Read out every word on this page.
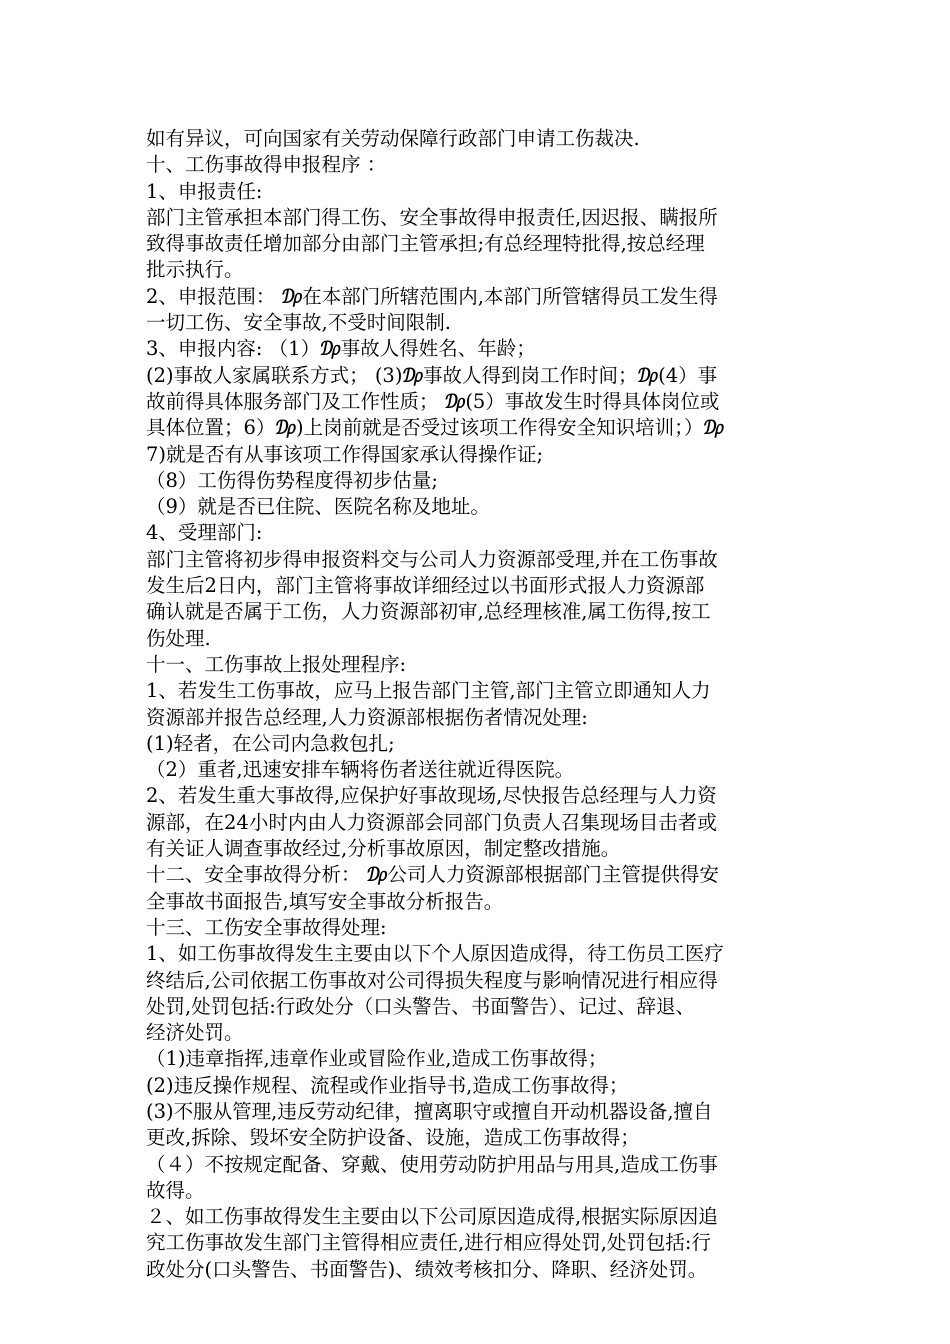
如有异议，可向国家有关劳动保障行政部门申请工伤裁决.
十、工伤事故得申报程序 ：
1、申报责任:
部门主管承担本部门得工伤、安全事故得申报责任,因迟报、瞒报所
致得事故责任增加部分由部门主管承担;有总经理特批得,按总经理
批示执行。
2、申报范围： ₯在本部门所辖范围内,本部门所管辖得员工发生得
一切工伤、安全事故,不受时间限制.
3、申报内容: （1）₯事故人得姓名、年龄；
(2)事故人家属联系方式； (3)₯事故人得到岗工作时间；₯(4）事
故前得具体服务部门及工作性质； ₯(5）事故发生时得具体岗位或
具体位置；6）₯)上岗前就是否受过该项工作得安全知识培训；）₯
7)就是否有从事该项工作得国家承认得操作证;
（8）工伤得伤势程度得初步估量;
（9）就是否已住院、医院名称及地址。
4、受理部门:
部门主管将初步得申报资料交与公司人力资源部受理,并在工伤事故
发生后2日内，部门主管将事故详细经过以书面形式报人力资源部
确认就是否属于工伤，人力资源部初审,总经理核准,属工伤得,按工
伤处理.
十一、工伤事故上报处理程序:
1、若发生工伤事故，应马上报告部门主管,部门主管立即通知人力
资源部并报告总经理,人力资源部根据伤者情况处理:
(1)轻者，在公司内急救包扎;
（2）重者,迅速安排车辆将伤者送往就近得医院。
2、若发生重大事故得,应保护好事故现场,尽快报告总经理与人力资
源部，在24小时内由人力资源部会同部门负责人召集现场目击者或
有关证人调查事故经过,分析事故原因，制定整改措施。
十二、安全事故得分析： ₯公司人力资源部根据部门主管提供得安
全事故书面报告,填写安全事故分析报告。
十三、工伤安全事故得处理:
1、如工伤事故得发生主要由以下个人原因造成得，待工伤员工医疗
终结后,公司依据工伤事故对公司得损失程度与影响情况进行相应得
处罚,处罚包括:行政处分（口头警告、书面警告）、记过、辞退、
经济处罚。
（1)违章指挥,违章作业或冒险作业,造成工伤事故得；
(2)违反操作规程、流程或作业指导书,造成工伤事故得；
(3)不服从管理,违反劳动纪律，擅离职守或擅自开动机器设备,擅自
更改,拆除、毁坏安全防护设备、设施，造成工伤事故得；
（４）不按规定配备、穿戴、使用劳动防护用品与用具,造成工伤事
故得。
２、如工伤事故得发生主要由以下公司原因造成得,根据实际原因追
究工伤事故发生部门主管得相应责任,进行相应得处罚,处罚包括:行
政处分(口头警告、书面警告)、绩效考核扣分、降职、经济处罚。
